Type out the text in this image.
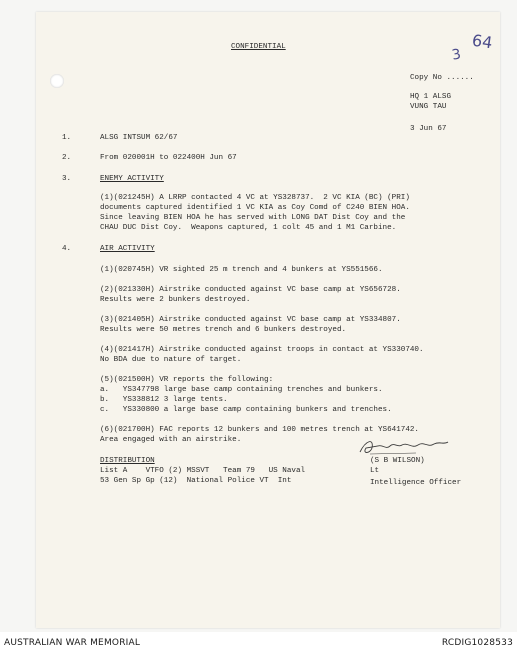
CONFIDENTIAL	64
3
Copy No ......
HQ 1 ALSG
VUNG TAU
3 Jun 67
1.	ALSG INTSUM 62/67
2.	From 020001H to 022400H Jun 67
3.	ENEMY ACTIVITY
(1)(021245H) A LRRP contacted 4 VC at YS328737.  2 VC KIA (BC) (PRI)
documents captured identified 1 VC KIA as Coy Comd of C240 BIEN HOA.
Since leaving BIEN HOA he has served with LONG DAT Dist Coy and the
CHAU DUC Dist Coy.  Weapons captured, 1 colt 45 and 1 M1 Carbine.
4.	AIR ACTIVITY
(1)(020745H) VR sighted 25 m trench and 4 bunkers at YS551566.
(2)(021330H) Airstrike conducted against VC base camp at YS656728.
Results were 2 bunkers destroyed.
(3)(021405H) Airstrike conducted against VC base camp at YS334807.
Results were 50 metres trench and 6 bunkers destroyed.
(4)(021417H) Airstrike conducted against troops in contact at YS330740.
No BDA due to nature of target.
(5)(021500H) VR reports the following:
a.   YS347798 large base camp containing trenches and bunkers.
b.   YS338812 3 large tents.
c.   YS330800 a large base camp containing bunkers and trenches.
(6)(021700H) FAC reports 12 bunkers and 100 metres trench at YS641742.
Area engaged with an airstrike.
DISTRIBUTION
List A    VTFO (2) MSSVT   Team 79   US Naval
53 Gen Sp Gp (12)  National Police VT  Int
(S B WILSON)
Lt
Intelligence Officer
AUSTRALIAN WAR MEMORIAL	RCDIG1028533
